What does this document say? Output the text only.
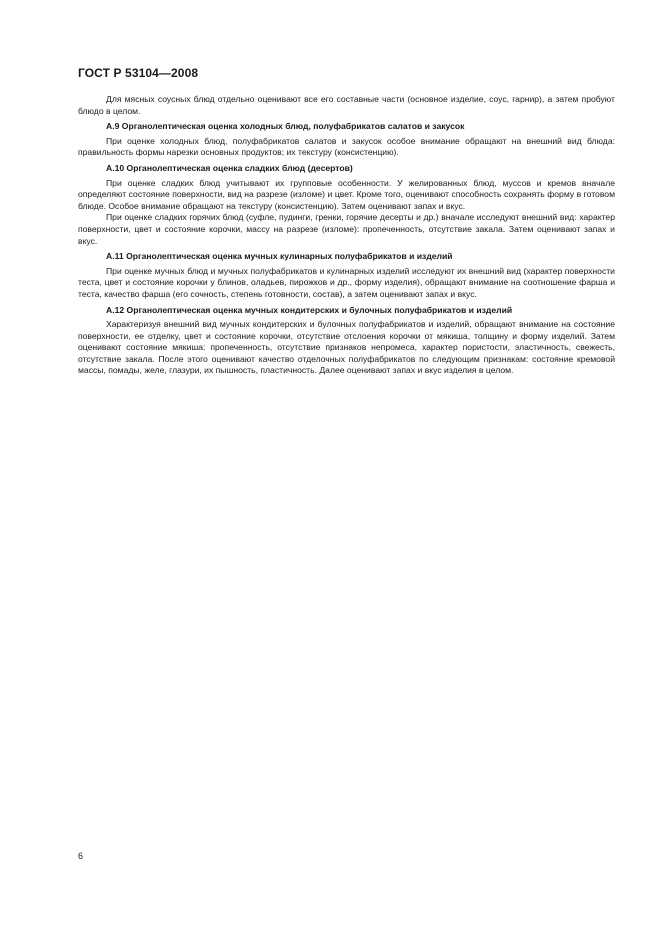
ГОСТ Р 53104—2008

Для мясных соусных блюд отдельно оценивают все его составные части (основное изделие, соус, гарнир), а затем пробуют блюдо в целом.

А.9 Органолептическая оценка холодных блюд, полуфабрикатов салатов и закусок

При оценке холодных блюд, полуфабрикатов салатов и закусок особое внимание обращают на внешний вид блюда: правильность формы нарезки основных продуктов; их текстуру (консистенцию).

А.10 Органолептическая оценка сладких блюд (десертов)

При оценке сладких блюд учитывают их групповые особенности. У желированных блюд, муссов и кремов вначале определяют состояние поверхности, вид на разрезе (изломе) и цвет. Кроме того, оценивают способность сохранять форму в готовом блюде. Особое внимание обращают на текстуру (консистенцию). Затем оценивают запах и вкус.

При оценке сладких горячих блюд (суфле, пудинги, гренки, горячие десерты и др.) вначале исследуют внешний вид: характер поверхности, цвет и состояние корочки, массу на разрезе (изломе): пропеченность, отсутствие закала. Затем оценивают запах и вкус.

А.11 Органолептическая оценка мучных кулинарных полуфабрикатов и изделий

При оценке мучных блюд и мучных полуфабрикатов и кулинарных изделий исследуют их внешний вид (характер поверхности теста, цвет и состояние корочки у блинов, оладьев, пирожков и др., форму изделия), обращают внимание на соотношение фарша и теста, качество фарша (его сочность, степень готовности, состав), а затем оценивают запах и вкус.

А.12 Органолептическая оценка мучных кондитерских и булочных полуфабрикатов и изделий

Характеризуя внешний вид мучных кондитерских и булочных полуфабрикатов и изделий, обращают внимание на состояние поверхности, ее отделку, цвет и состояние корочки, отсутствие отслоения корочки от мякиша, толщину и форму изделий. Затем оценивают состояние мякиша: пропеченность, отсутствие признаков непромеса, характер пористости, эластичность, свежесть, отсутствие закала. После этого оценивают качество отделочных полуфабрикатов по следующим признакам: состояние кремовой массы, помады, желе, глазури, их пышность, пластичность. Далее оценивают запах и вкус изделия в целом.

6
